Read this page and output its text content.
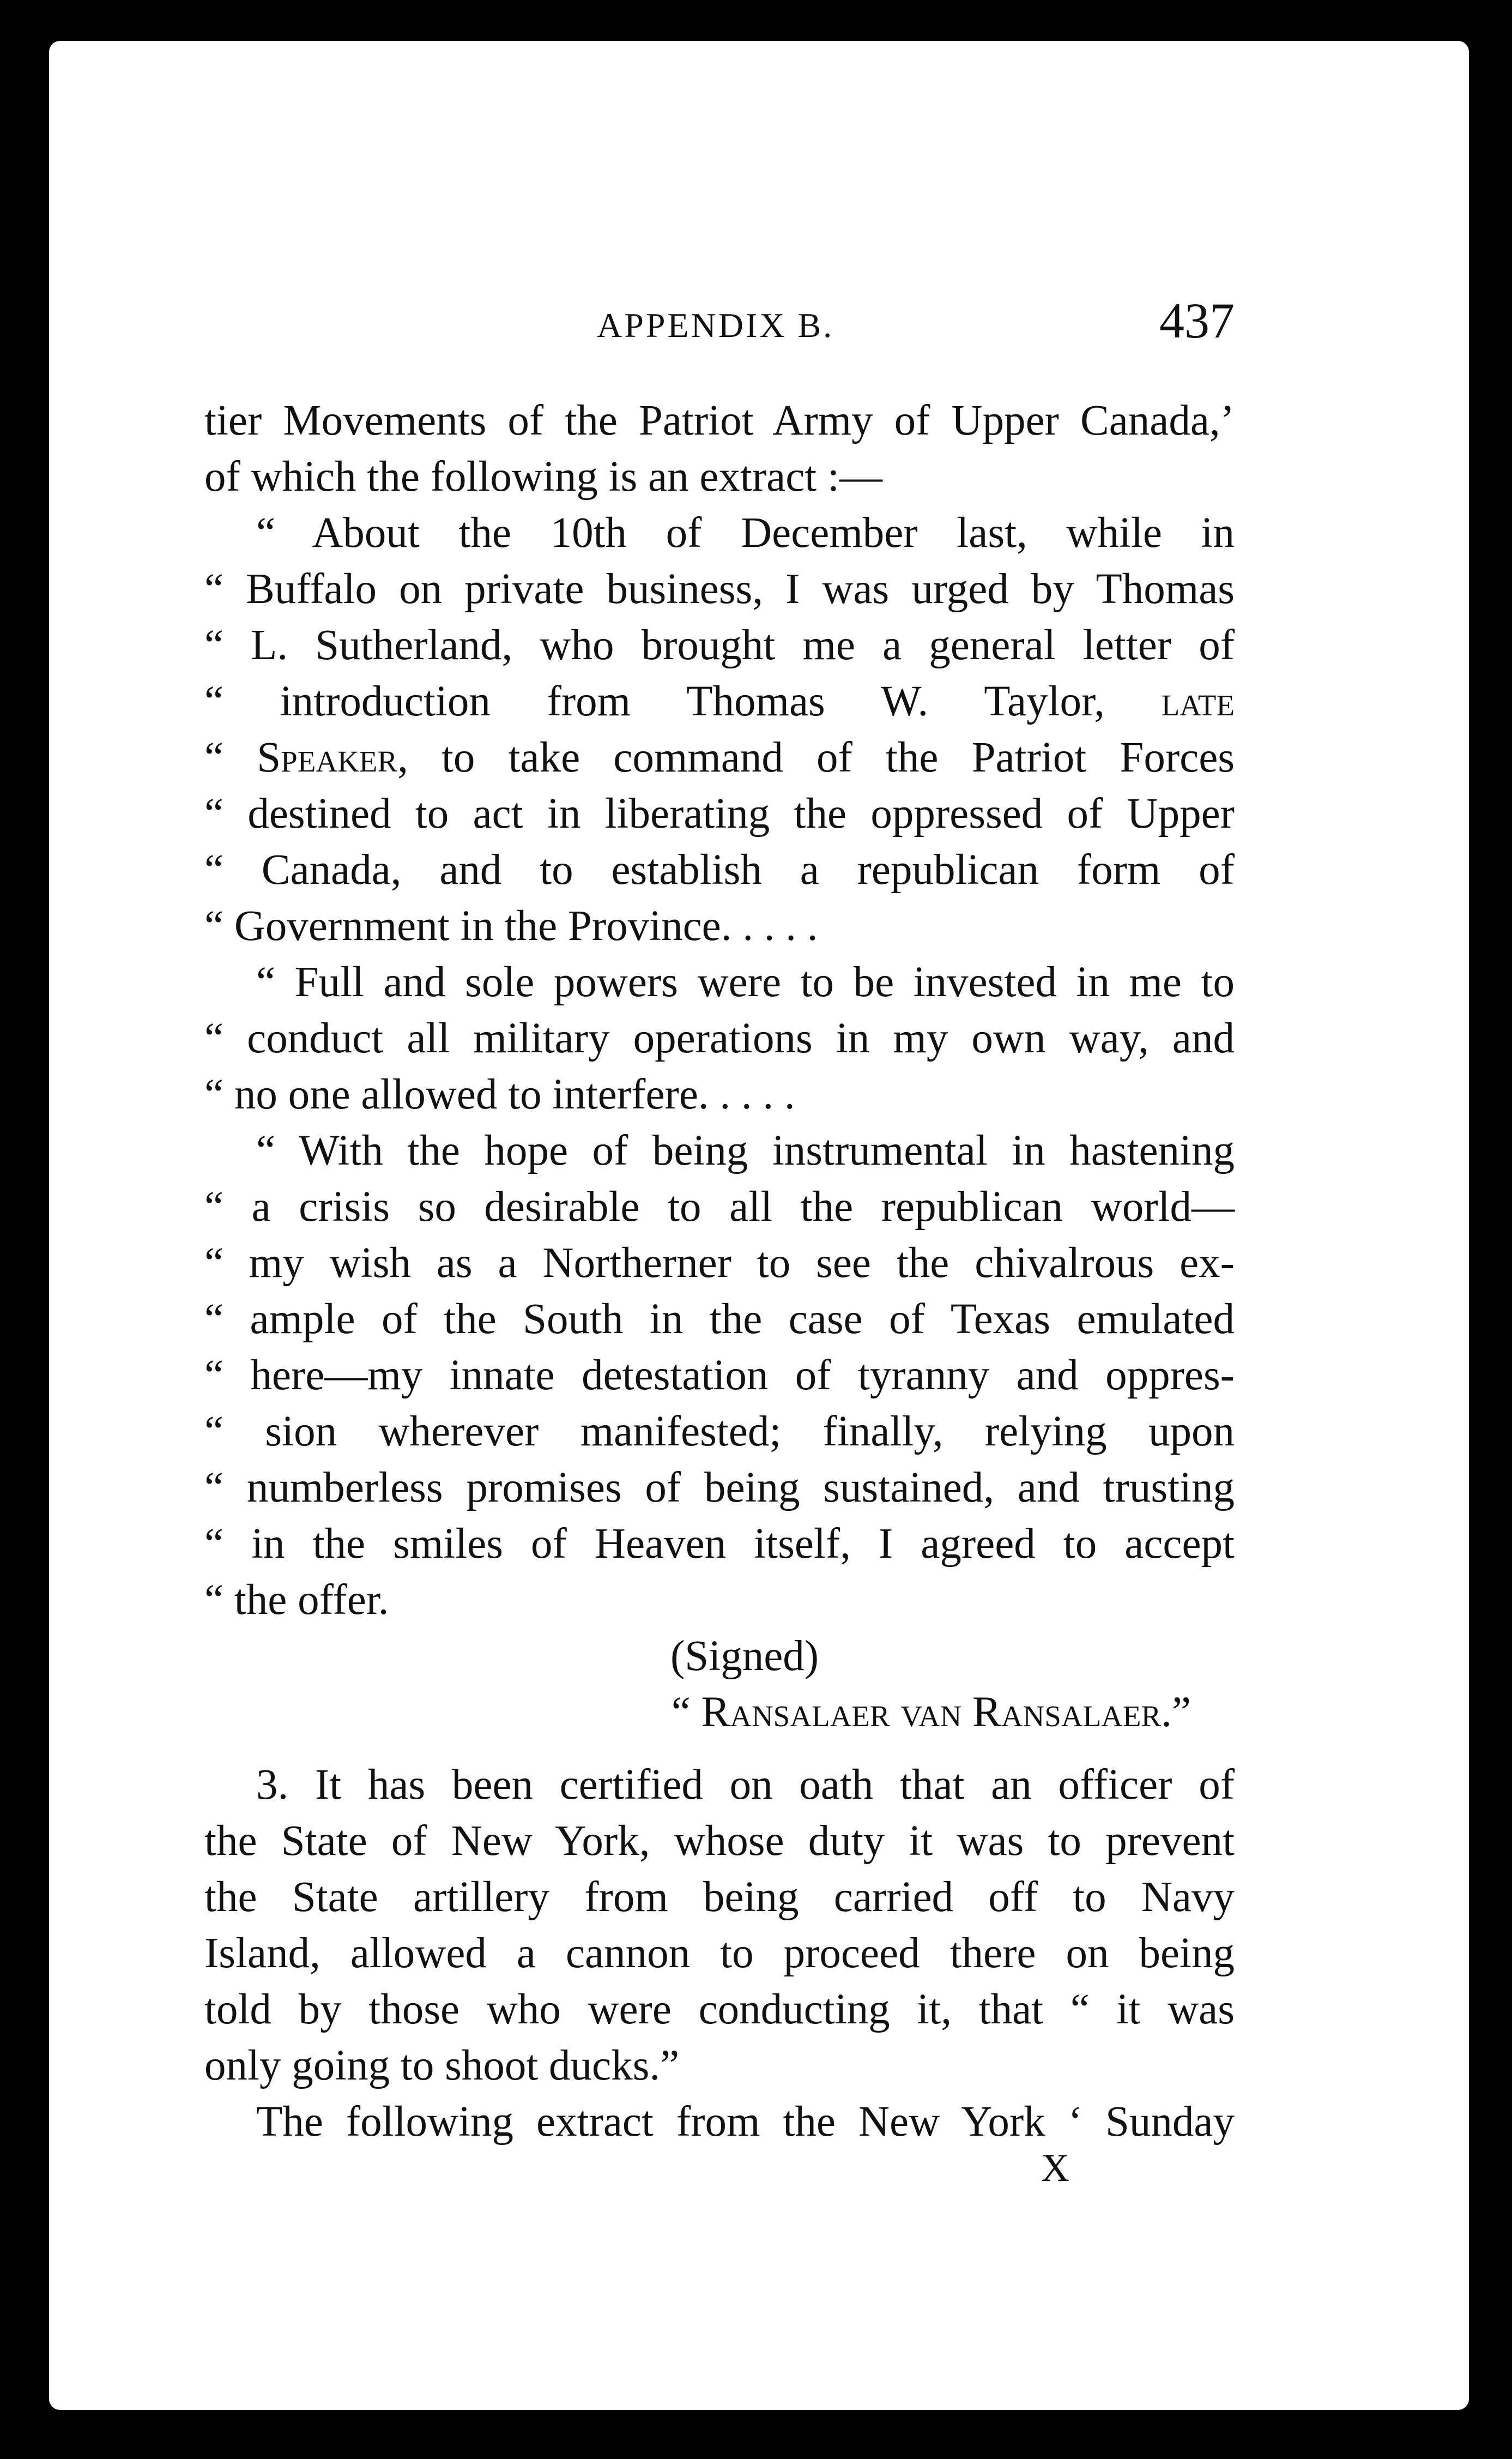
APPENDIX B.	437
tier Movements of the Patriot Army of Upper Canada,’
of which the following is an extract :—
“ About the 10th of December last, while in
“ Buffalo on private business, I was urged by Thomas
“ L. Sutherland, who brought me a general letter of
“ introduction from Thomas W. Taylor, late
“ Speaker, to take command of the Patriot Forces
“ destined to act in liberating the oppressed of Upper
“ Canada, and to establish a republican form of
“ Government in the Province. . . . .
“ Full and sole powers were to be invested in me to
“ conduct all military operations in my own way, and
“ no one allowed to interfere. . . . .
“ With the hope of being instrumental in hastening
“ a crisis so desirable to all the republican world—
“ my wish as a Northerner to see the chivalrous ex-
“ ample of the South in the case of Texas emulated
“ here—my innate detestation of tyranny and oppres-
“ sion wherever manifested; finally, relying upon
“ numberless promises of being sustained, and trusting
“ in the smiles of Heaven itself, I agreed to accept
“ the offer.
(Signed)
“ Ransalaer van Ransalaer.”
3. It has been certified on oath that an officer of
the State of New York, whose duty it was to prevent
the State artillery from being carried off to Navy
Island, allowed a cannon to proceed there on being
told by those who were conducting it, that “ it was
only going to shoot ducks.”
The following extract from the New York ‘ Sunday
X
